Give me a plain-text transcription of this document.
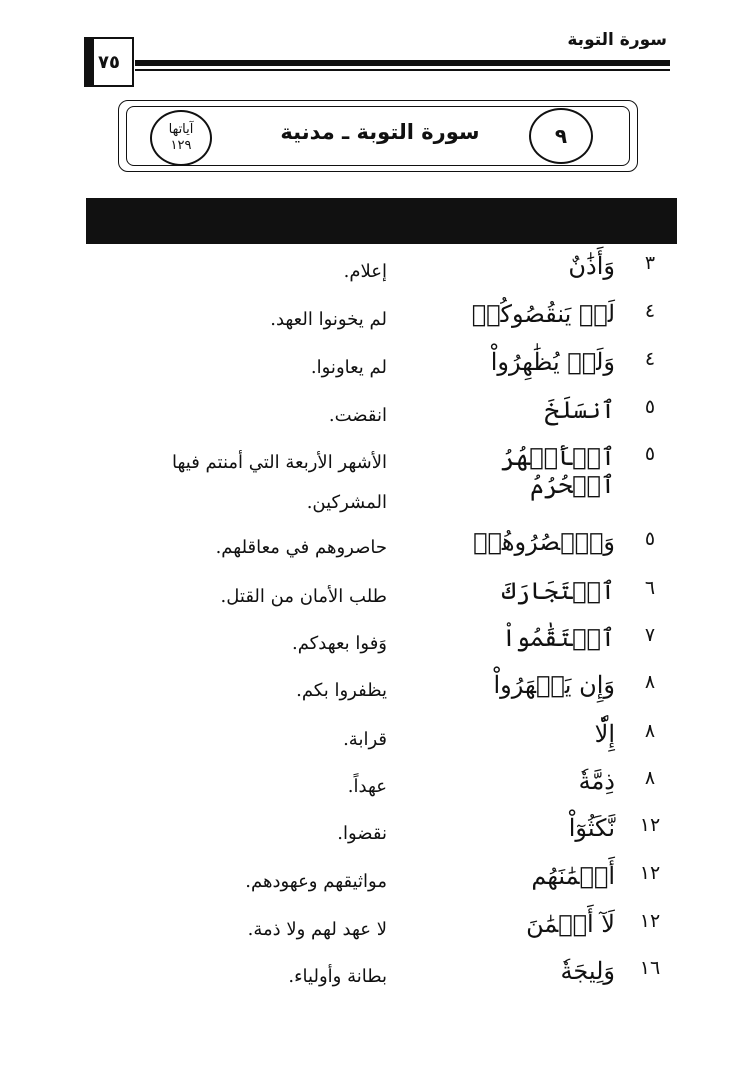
سورة التوبة
٧٥
٩
سورة التوبة ـ مدنية
آياتها
١٢٩
٣
وَأَذَٰنٌ
إعلام.
٤
لَمۡ يَنقُصُوكُمۡ
لم يخونوا العهد.
٤
وَلَمۡ يُظَٰهِرُواْ
لم يعاونوا.
٥
ٱنسَلَخَ
انقضت.
٥
ٱلۡأَشۡهُرُ ٱلۡحُرُمُ
الأشهر الأربعة التي أمنتم فيها المشركين.
٥
وَٱحۡصُرُوهُمۡ
حاصروهم في معاقلهم.
٦
ٱسۡتَجَارَكَ
طلب الأمان من القتل.
٧
ٱسۡتَقَٰمُواْ
وَفوا بعهدكم.
٨
وَإِن يَظۡهَرُواْ
يظفروا بكم.
٨
إِلّٗا
قرابة.
٨
ذِمَّةٗ
عهداً.
١٢
نَّكَثُوٓاْ
نقضوا.
١٢
أَيۡمَٰنَهُم
مواثيقهم وعهودهم.
١٢
لَآ أَيۡمَٰنَ
لا عهد لهم ولا ذمة.
١٦
وَلِيجَةٗ
بطانة وأولياء.
